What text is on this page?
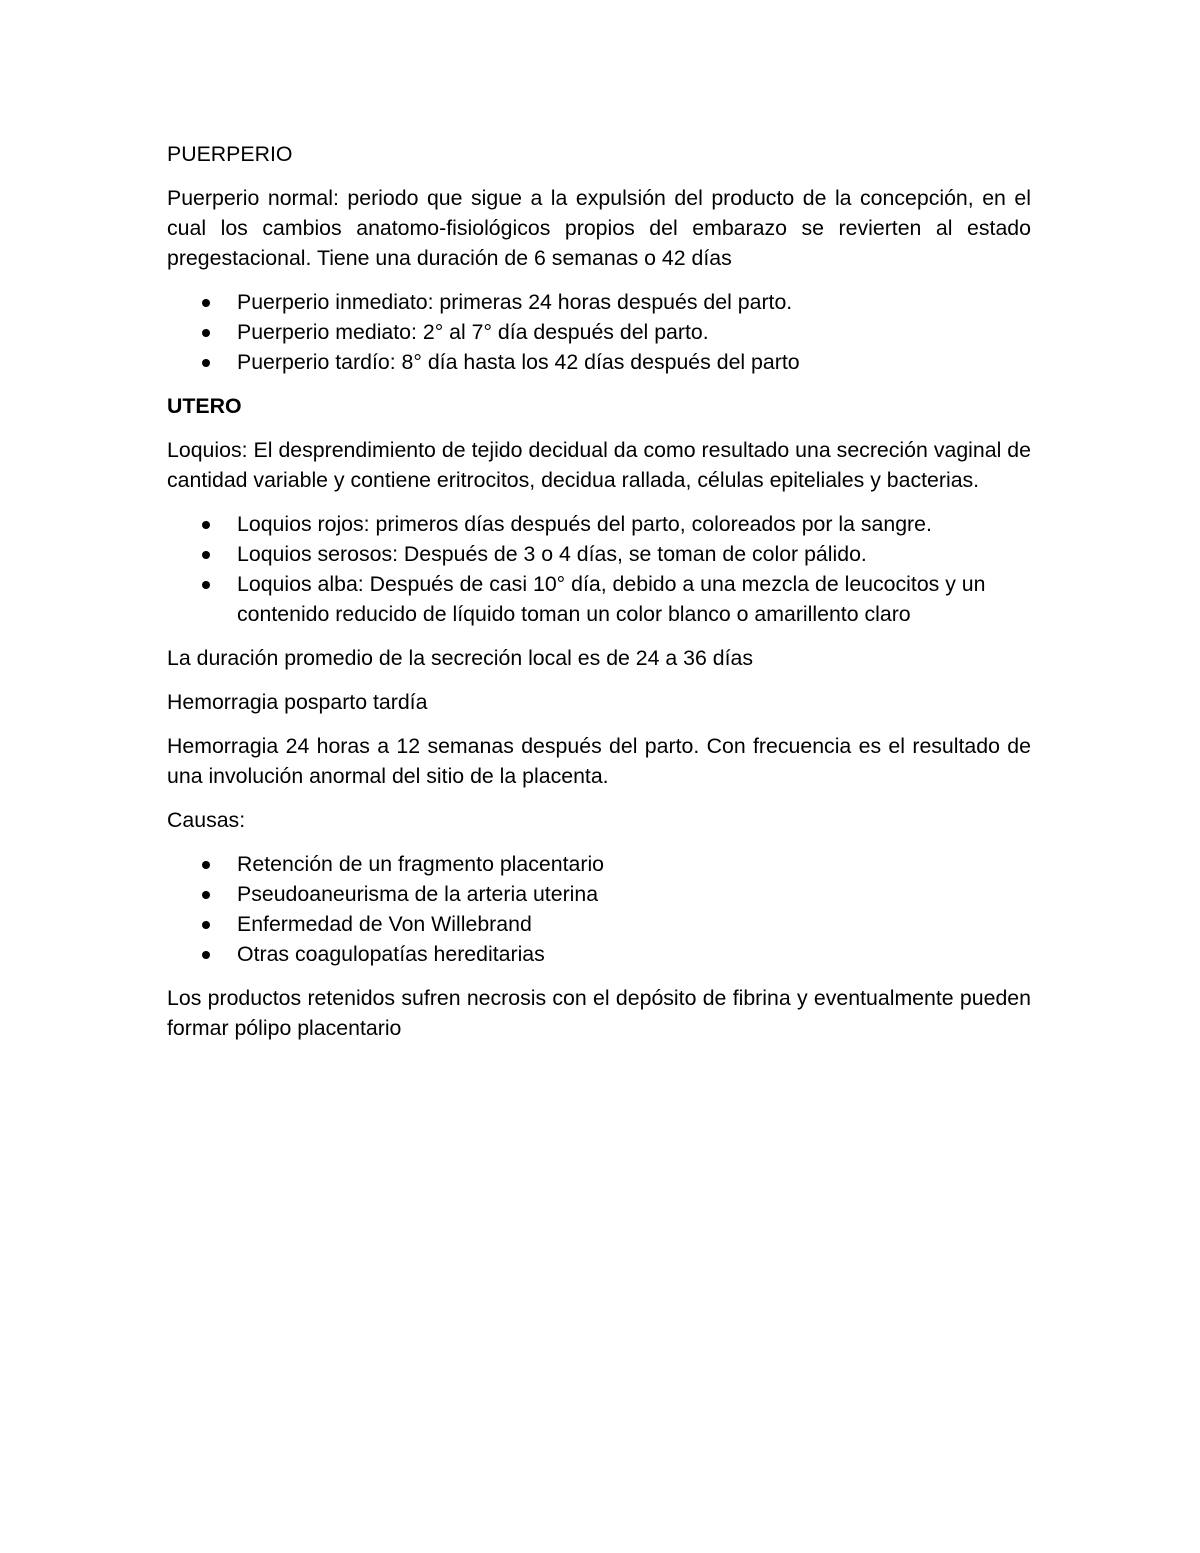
PUERPERIO

Puerperio normal: periodo que sigue a la expulsión del producto de la concepción, en el cual los cambios anatomo-fisiológicos propios del embarazo se revierten al estado pregestacional. Tiene una duración de 6 semanas o 42 días

Puerperio inmediato: primeras 24 horas después del parto.
Puerperio mediato: 2° al 7° día después del parto.
Puerperio tardío: 8° día hasta los 42 días después del parto

UTERO

Loquios: El desprendimiento de tejido decidual da como resultado una secreción vaginal de cantidad variable y contiene eritrocitos, decidua rallada, células epiteliales y bacterias.

Loquios rojos: primeros días después del parto, coloreados por la sangre.
Loquios serosos: Después de 3 o 4 días, se toman de color pálido.
Loquios alba: Después de casi 10° día, debido a una mezcla de leucocitos y un contenido reducido de líquido toman un color blanco o amarillento claro

La duración promedio de la secreción local es de 24 a 36 días

Hemorragia posparto tardía

Hemorragia 24 horas a 12 semanas después del parto. Con frecuencia es el resultado de una involución anormal del sitio de la placenta.

Causas:

Retención de un fragmento placentario
Pseudoaneurisma de la arteria uterina
Enfermedad de Von Willebrand
Otras coagulopatías hereditarias

Los productos retenidos sufren necrosis con el depósito de fibrina y eventualmente pueden formar pólipo placentario
